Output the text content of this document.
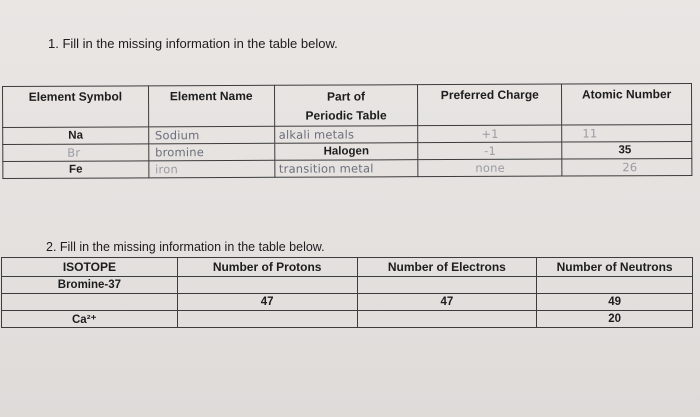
1. Fill in the missing information in the table below.
Element Symbol	Element Name	Part of Periodic Table	Preferred Charge	Atomic Number
Na	Sodium	alkali metals	+1	11
Br	bromine	Halogen	-1	35
Fe	iron	transition metal	none	26
2. Fill in the missing information in the table below.
ISOTOPE	Number of Protons	Number of Electrons	Number of Neutrons
Bromine-37			
	47	47	49
Ca²⁺			20
